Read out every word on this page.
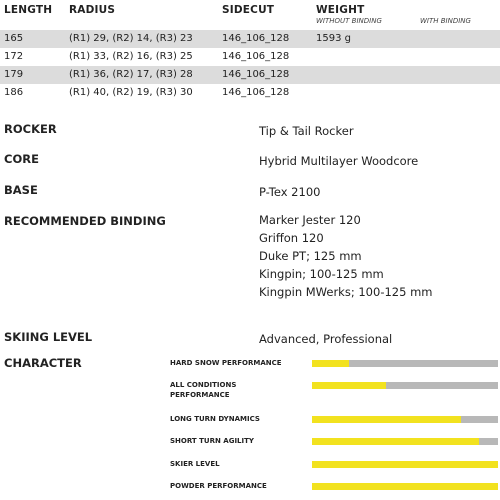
LENGTH RADIUS	SIDECUT	WEIGHT
WITHOUT BINDING	WITH BINDING
165	(R1) 29, (R2) 14, (R3) 23	146_106_128	1593 g
172	(R1) 33, (R2) 16, (R3) 25	146_106_128
179	(R1) 36, (R2) 17, (R3) 28	146_106_128
186	(R1) 40, (R2) 19, (R3) 30	146_106_128
ROCKER	Tip & Tail Rocker
CORE	Hybrid Multilayer Woodcore
BASE	P-Tex 2100
RECOMMENDED BINDING	Marker Jester 120
Griffon 120
Duke PT; 125 mm
Kingpin; 100-125 mm
Kingpin MWerks; 100-125 mm
SKIING LEVEL	Advanced, Professional
CHARACTER	HARD SNOW PERFORMANCE
ALL CONDITIONS
PERFORMANCE
LONG TURN DYNAMICS
SHORT TURN AGILITY
SKIER LEVEL
POWDER PERFORMANCE
